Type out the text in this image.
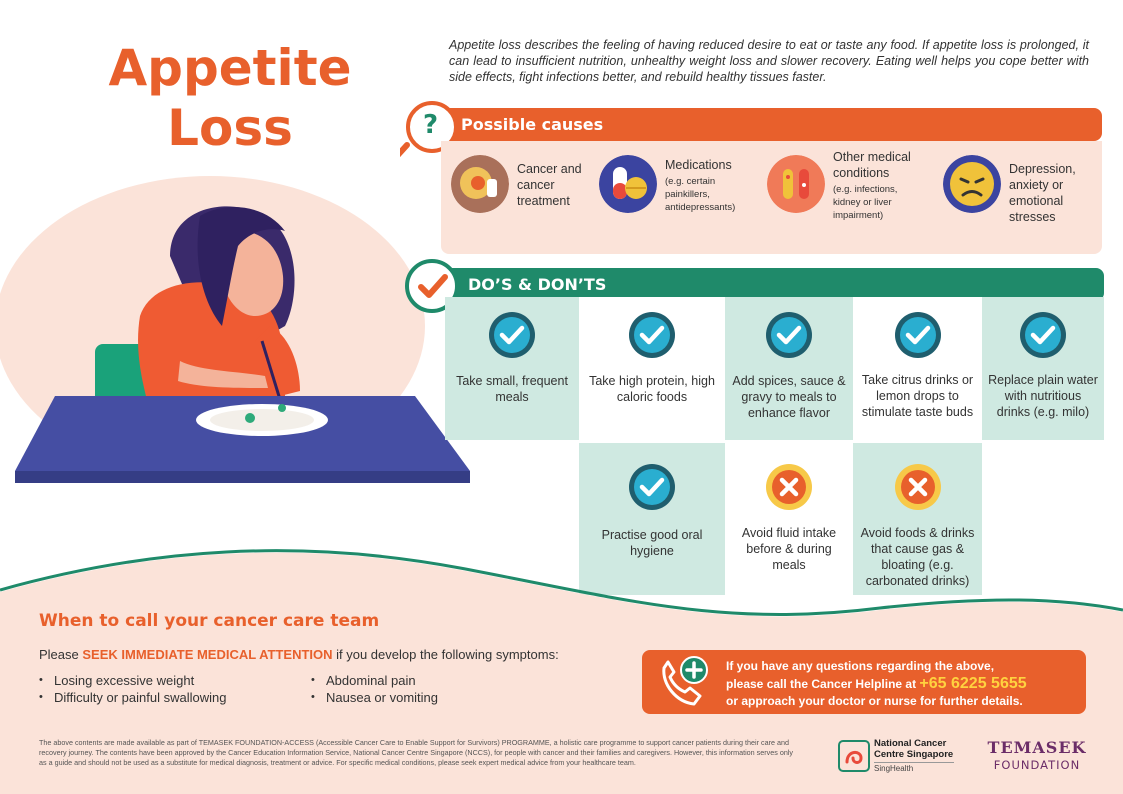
Appetite
Loss

Appetite loss describes the feeling of having reduced desire to eat or taste any food. If appetite loss is prolonged, it can lead to insufficient nutrition, unhealthy weight loss and slower recovery. Eating well helps you cope better with side effects, fight infections better, and rebuild healthy tissues faster.

Possible causes
?
Cancer and cancer treatment
Medications
(e.g. certain painkillers, antidepressants)
Other medical conditions
(e.g. infections, kidney or liver impairment)
Depression, anxiety or emotional stresses
DO’S & DON’TS
Take small, frequent meals
Take high protein, high caloric foods
Add spices, sauce & gravy to meals to enhance flavor
Take citrus drinks or lemon drops to stimulate taste buds
Replace plain water with nutritious drinks (e.g. milo)
Practise good oral hygiene
Avoid fluid intake before & during meals
Avoid foods & drinks that cause gas & bloating (e.g. carbonated drinks)
When to call your cancer care team
Please SEEK IMMEDIATE MEDICAL ATTENTION if you develop the following symptoms:
• Losing excessive weight
• Difficulty or painful swallowing
• Abdominal pain
• Nausea or vomiting
If you have any questions regarding the above,
please call the Cancer Helpline at +65 6225 5655
or approach your doctor or nurse for further details.

The above contents are made available as part of TEMASEK FOUNDATION-ACCESS (Accessible Cancer Care to Enable Support for Survivors) PROGRAMME, a holistic care programme to support cancer patients during their care and recovery journey. The contents have been approved by the Cancer Education Information Service, National Cancer Centre Singapore (NCCS), for people with cancer and their families and caregivers. However, this information serves only as a guide and should not be used as a substitute for medical diagnosis, treatment or advice. For specific medical conditions, please seek expert medical advice from your healthcare team.

National Cancer
Centre Singapore
SingHealth
TEMASEK
FOUNDATION
